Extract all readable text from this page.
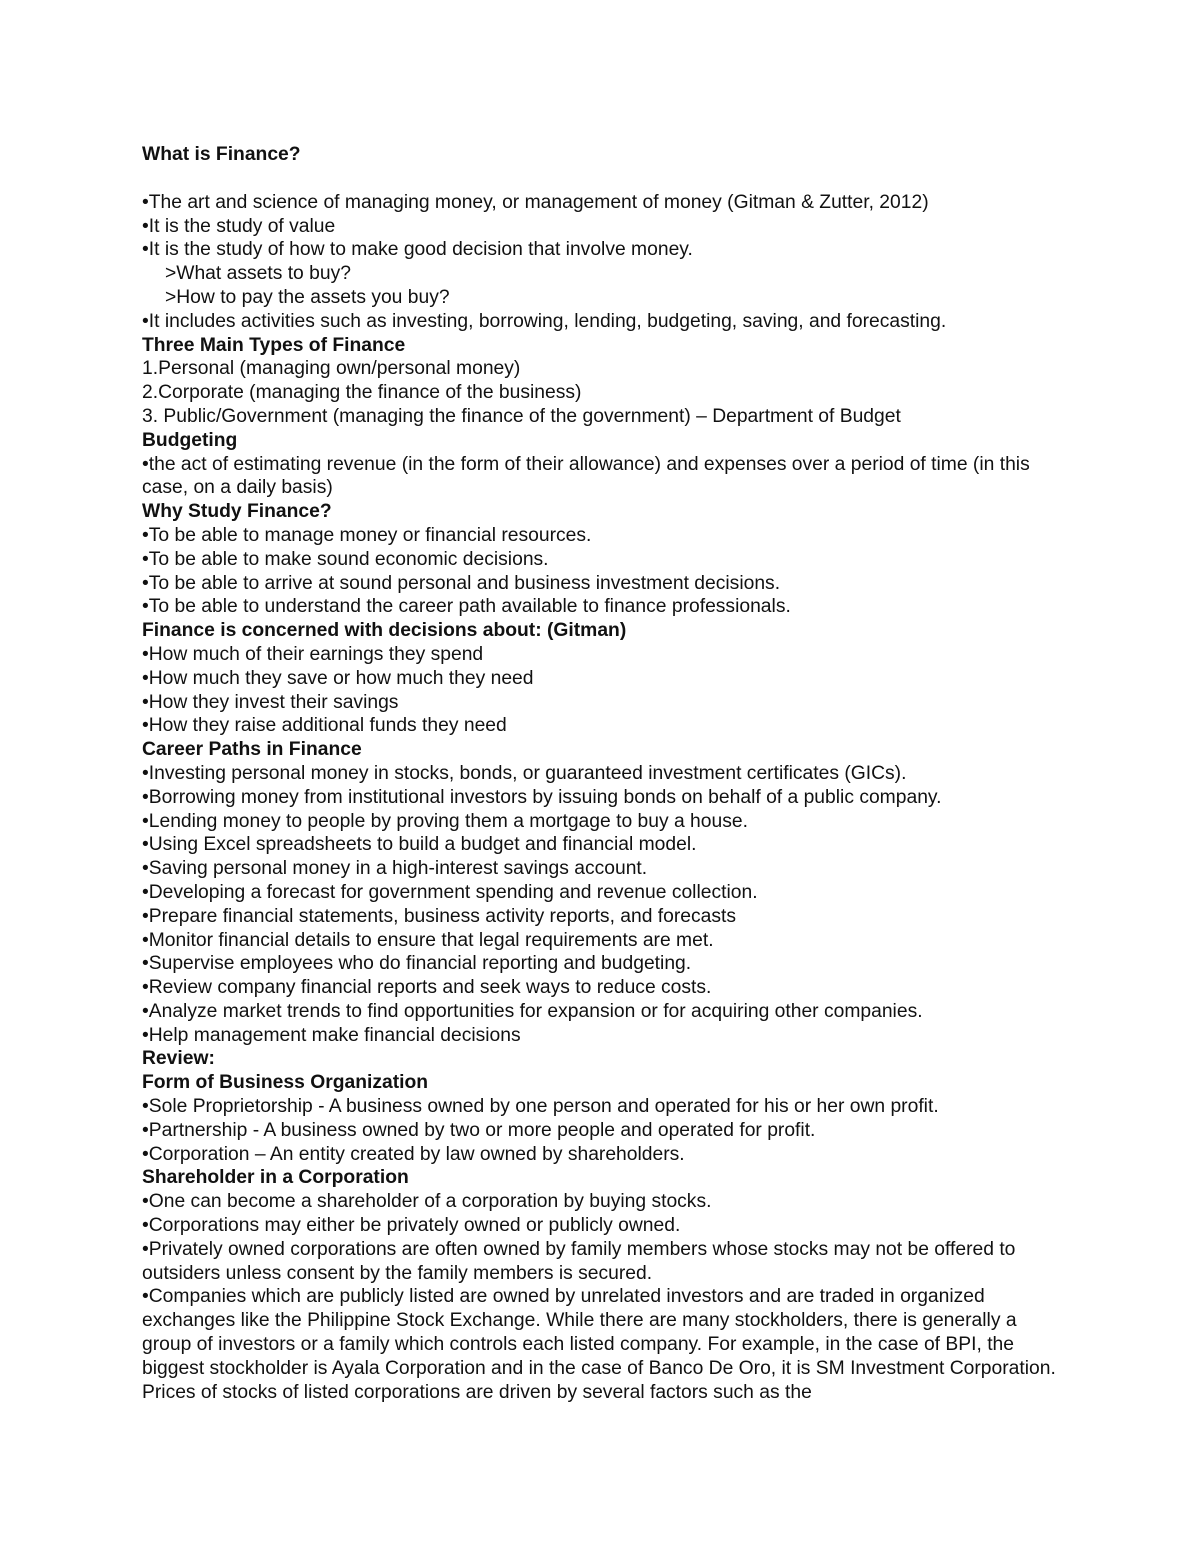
What is Finance?

•The art and science of managing money, or management of money (Gitman & Zutter, 2012)

•It is the study of value

•It is the study of how to make good decision that involve money.

>What assets to buy?

>How to pay the assets you buy?

•It includes activities such as investing, borrowing, lending, budgeting, saving, and forecasting.

Three Main Types of Finance

1.Personal (managing own/personal money)

2.Corporate (managing the finance of the business)

3. Public/Government (managing the finance of the government) – Department of Budget

Budgeting

•the act of estimating revenue (in the form of their allowance) and expenses over a period of time (in this case, on a daily basis)

Why Study Finance?

•To be able to manage money or financial resources.

•To be able to make sound economic decisions.

•To be able to arrive at sound personal and business investment decisions.

•To be able to understand the career path available to finance professionals.

Finance is concerned with decisions about: (Gitman)

•How much of their earnings they spend

•How much they save or how much they need

•How they invest their savings

•How they raise additional funds they need

Career Paths in Finance

•Investing personal money in stocks, bonds, or guaranteed investment certificates (GICs).

•Borrowing money from institutional investors by issuing bonds on behalf of a public company.

•Lending money to people by proving them a mortgage to buy a house.

•Using Excel spreadsheets to build a budget and financial model.

•Saving personal money in a high-interest savings account.

•Developing a forecast for government spending and revenue collection.

•Prepare financial statements, business activity reports, and forecasts

•Monitor financial details to ensure that legal requirements are met.

•Supervise employees who do financial reporting and budgeting.

•Review company financial reports and seek ways to reduce costs.

•Analyze market trends to find opportunities for expansion or for acquiring other companies.

•Help management make financial decisions

Review:

Form of Business Organization

•Sole Proprietorship - A business owned by one person and operated for his or her own profit.

•Partnership - A business owned by two or more people and operated for profit.

•Corporation – An entity created by law owned by shareholders.

Shareholder in a Corporation

•One can become a shareholder of a corporation by buying stocks.

•Corporations may either be privately owned or publicly owned.

•Privately owned corporations are often owned by family members whose stocks may not be offered to outsiders unless consent by the family members is secured.

•Companies which are publicly listed are owned by unrelated investors and are traded in organized exchanges like the Philippine Stock Exchange. While there are many stockholders, there is generally a group of investors or a family which controls each listed company. For example, in the case of BPI, the biggest stockholder is Ayala Corporation and in the case of Banco De Oro, it is SM Investment Corporation. Prices of stocks of listed corporations are driven by several factors such as the
